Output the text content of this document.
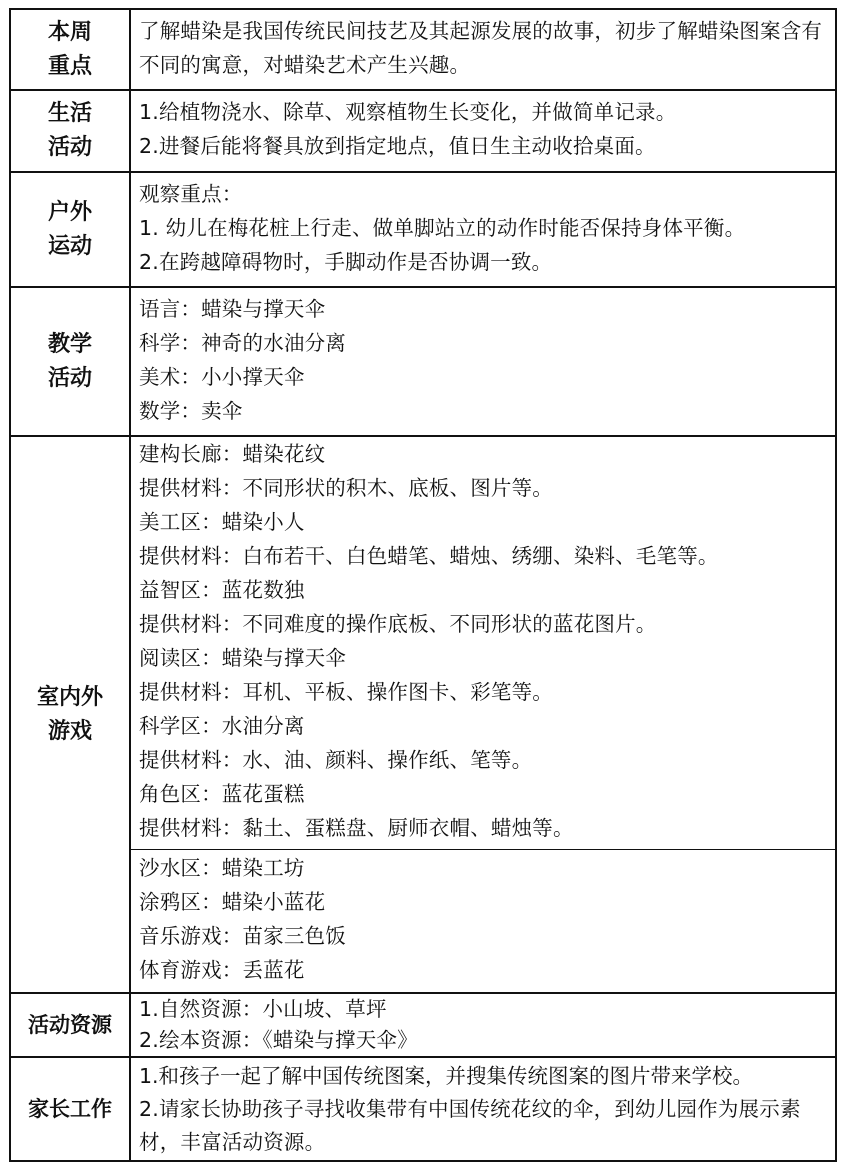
本周
重点
了解蜡染是我国传统民间技艺及其起源发展的故事，初步了解蜡染图案含有不同的寓意，对蜡染艺术产生兴趣。
生活
活动
1.给植物浇水、除草、观察植物生长变化，并做简单记录。
2.进餐后能将餐具放到指定地点，值日生主动收拾桌面。
户外
运动
观察重点：
1. 幼儿在梅花桩上行走、做单脚站立的动作时能否保持身体平衡。
2.在跨越障碍物时，手脚动作是否协调一致。
教学
活动
语言：蜡染与撑天伞
科学：神奇的水油分离
美术：小小撑天伞
数学：卖伞
室内外
游戏
建构长廊：蜡染花纹
提供材料：不同形状的积木、底板、图片等。
美工区：蜡染小人
提供材料：白布若干、白色蜡笔、蜡烛、绣绷、染料、毛笔等。
益智区：蓝花数独
提供材料：不同难度的操作底板、不同形状的蓝花图片。
阅读区：蜡染与撑天伞
提供材料：耳机、平板、操作图卡、彩笔等。
科学区：水油分离
提供材料：水、油、颜料、操作纸、笔等。
角色区：蓝花蛋糕
提供材料：黏土、蛋糕盘、厨师衣帽、蜡烛等。
沙水区：蜡染工坊
涂鸦区：蜡染小蓝花
音乐游戏：苗家三色饭
体育游戏：丢蓝花
活动资源
1.自然资源：小山坡、草坪
2.绘本资源：《蜡染与撑天伞》
家长工作
1.和孩子一起了解中国传统图案，并搜集传统图案的图片带来学校。
2.请家长协助孩子寻找收集带有中国传统花纹的伞，到幼儿园作为展示素材，丰富活动资源。
